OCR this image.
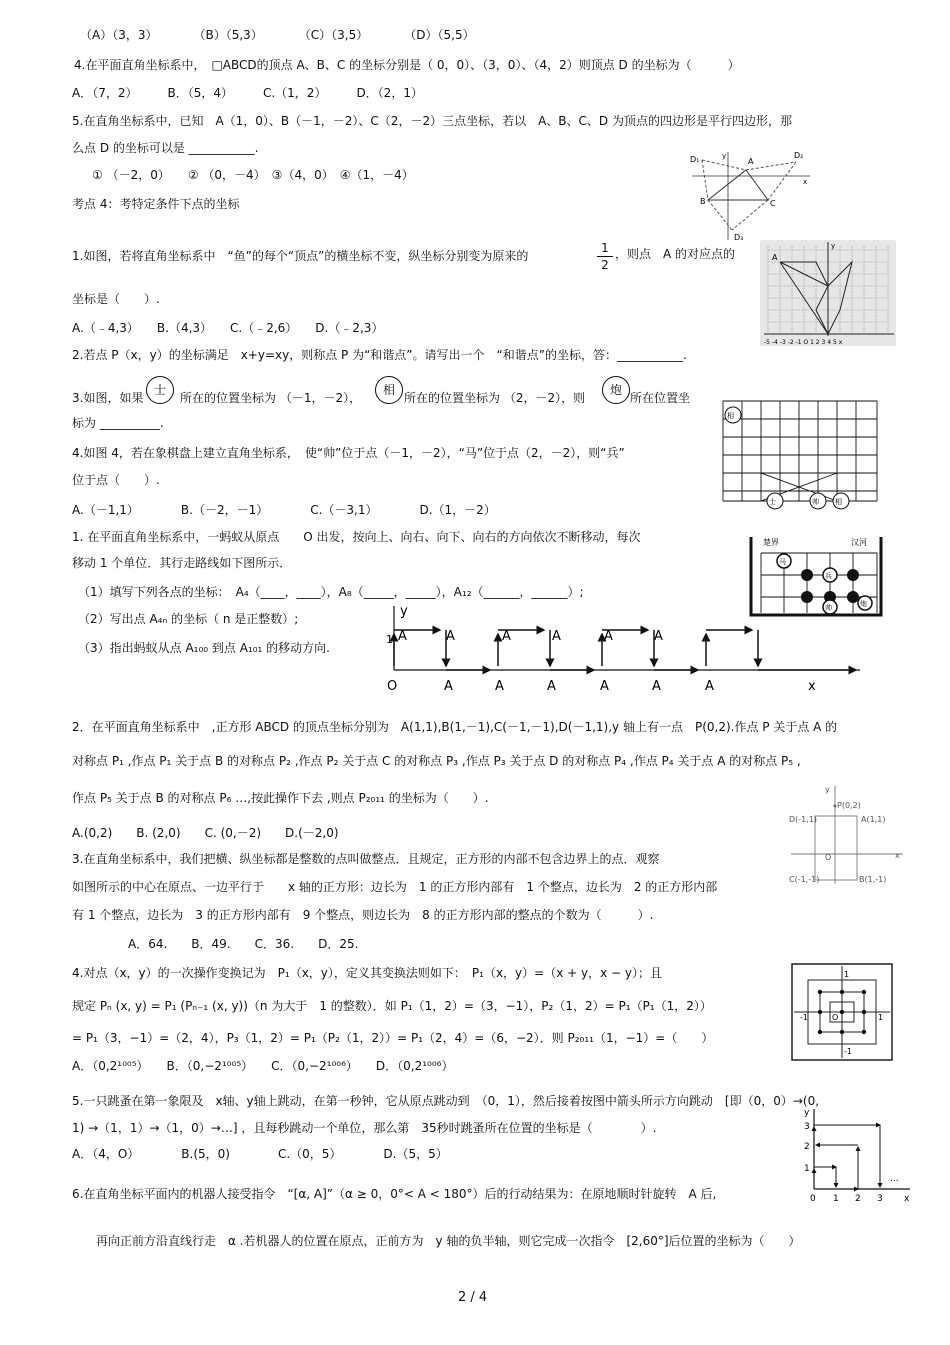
（A）（3，3）　　　　（B）（5,3）　　　　（C）（3,5）　　　　（D）（5,5）
4.在平面直角坐标系中，　□ABCD的顶点 A、B、C 的坐标分别是（ 0，0）、（3，0）、（4，2）则顶点 D 的坐标为（　　　）
A．（7，2）　　　B．（5，4）　　　C.（1，2）　　　D．（2，1）
5.在直角坐标系中，已知　A（1，0）、B（－1，－2）、C（2，－2）三点坐标，若以　A、B、C、D 为顶点的四边形是平行四边形，那
么点 D 的坐标可以是 ___________.
　① （－2，0）　　② （0，－4）　③（4，0）　④（1，－4）
考点 4：考特定条件下点的坐标
1.如图，若将直角坐标系中　“鱼”的每个“顶点”的横坐标不变，纵坐标分别变为原来的	$\frac{1}{2}$ ，则点　A 的对应点的
坐标是（　　）.
A.（﹣4,3）　　B.（4,3）　　C.（﹣2,6）　　D.（﹣2,3）
2.若点 P（x，y）的坐标满足　x+y=xy，则称点 P 为“和谐点”。请写出一个　“和谐点”的坐标，答：___________.
3.如图，如果
士
所在的位置坐标为 （－1，－2），
相
所在的位置坐标为 （2，－2），则
炮
所在位置坐
标为 __________.
4.如图 4，若在象棋盘上建立直角坐标系，　使“帅”位于点（－1，－2），“马”位于点（2，－2），则“兵”
位于点（　　）.
A.（－1,1）　　　　B.（－2，－1）　　　　C.（－3,1）　　　　D.（1，－2）
1. 在平面直角坐标系中，一蚂蚁从原点　　O 出发，按向上、向右、向下、向右的方向依次不断移动，每次
移动 1 个单位．其行走路线如下图所示．
（1）填写下列各点的坐标：　A₄（____，____），A₈（_____，_____），A₁₂（______，______）;
（2）写出点 A₄ₙ 的坐标（ n 是正整数）;
（3）指出蚂蚁从点 A₁₀₀ 到点 A₁₀₁ 的移动方向.
2．在平面直角坐标系中　,正方形 ABCD 的顶点坐标分别为　A(1,1),B(1,－1),C(－1,－1),D(－1,1),y 轴上有一点　P(0,2).作点 P 关于点 A 的
对称点 P₁ ,作点 P₁ 关于点 B 的对称点 P₂ ,作点 P₂ 关于点 C 的对称点 P₃ ,作点 P₃ 关于点 D 的对称点 P₄ ,作点 P₄ 关于点 A 的对称点 P₅ ,
作点 P₅ 关于点 B 的对称点 P₆ …,按此操作下去 ,则点 P₂₀₁₁ 的坐标为（　　）.
A.(0,2)　　B. (2,0)　　C. (0,－2)　　D.(－2,0)
3.在直角坐标系中，我们把横、纵坐标都是整数的点叫做整点．且规定，正方形的内部不包含边界上的点．观察
如图所示的中心在原点、一边平行于　　x 轴的正方形：边长为　1 的正方形内部有　1 个整点，边长为　2 的正方形内部
有 1 个整点，边长为　3 的正方形内部有　9 个整点，则边长为　8 的正方形内部的整点的个数为（　　　）.
　　A．64.　　B．49.　　C．36.　　D．25.
4.对点（x，y）的一次操作变换记为　P₁（x，y），定义其变换法则如下：　P₁（x，y）=（x + y，x − y）；且
规定 Pₙ (x, y) = P₁ (Pₙ₋₁ (x, y))（n 为大于　1 的整数）．如 P₁（1，2）=（3，−1），P₂（1，2）= P₁（P₁（1，2））
= P₁（3，−1）=（2，4），P₃（1，2）= P₁（P₂（1，2））= P₁（2，4）=（6，−2）．则 P₂₀₁₁（1，−1）=（　　）
A．（0,2¹⁰⁰⁵）　　B．（0,−2¹⁰⁰⁵）　　C．（0,−2¹⁰⁰⁶）　　D．（0,2¹⁰⁰⁶）
5.一只跳蚤在第一象限及　x轴、y轴上跳动，在第一秒钟，它从原点跳动到　（0，1），然后接着按图中箭头所示方向跳动　[即（0，0）→(0,
1) →（1，1）→（1，0）→…] ，且每秒跳动一个单位，那么第　35秒时跳蚤所在位置的坐标是（　　　　）.
A．（4，O）　　　　B.(5，0)　　　　C.（0，5）　　　　D.（5，5）
6.在直角坐标平面内的机器人接受指令　“[α, A]”（α ≥ 0，0°< A < 180°）后的行动结果为：在原地顺时针旋转　A 后,
再向正前方沿直线行走　α .若机器人的位置在原点，正前方为　y 轴的负半轴，则它完成一次指令　[2,60°]后位置的坐标为（　　）
2 / 4
D₁	y
A
D₂
x
B	C
D₃
A
y
-5 -4 -3 -2 -1 O 1 2 3 4 5 x
相
士	帅 相
楚界	汉河
马
兵
帅	炮
y
1 A	A	A	A	A	A
O	A	A	A	A	A	A	x
y
P(0,2)
D(-1,1)	A(1,1)
O	x
C(-1,-1)	B(1,-1)
1
-1	O	1
-1
y
3
2
1
0 1 2 3 x
...
